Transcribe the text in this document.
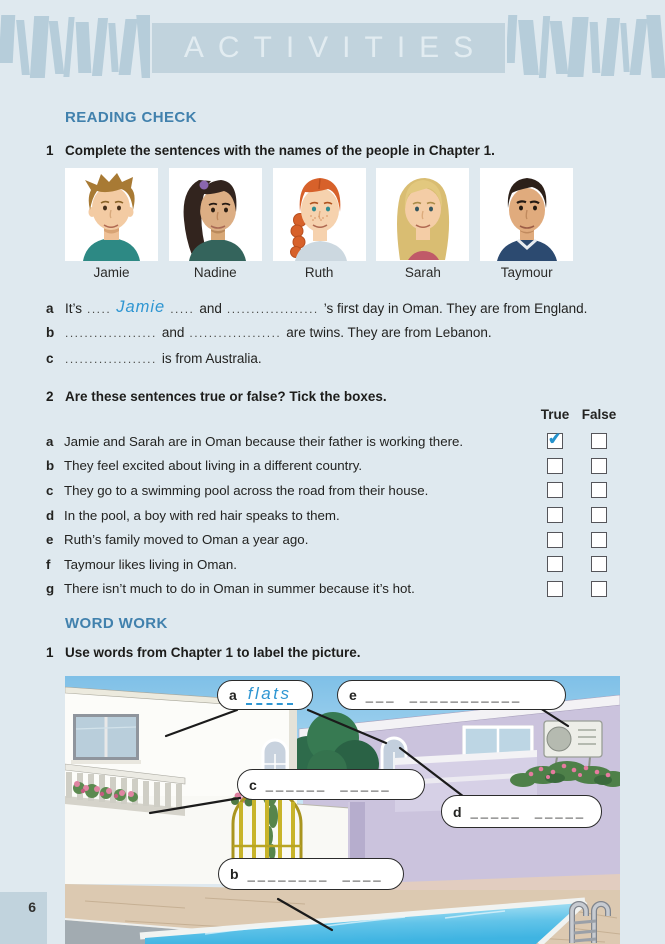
ACTIVITIES
READING CHECK
1 Complete the sentences with the names of the people in Chapter 1.
Jamie	Nadine	Ruth	Sarah	Taymour
a It’s ..... Jamie ..... and ................... ’s first day in Oman. They are from England.
b ................... and ................... are twins. They are from Lebanon.
c ................... is from Australia.
2 Are these sentences true or false? Tick the boxes.
True False
a Jamie and Sarah are in Oman because their father is working there.	✔
b They feel excited about living in a different country.
c They go to a swimming pool across the road from their house.
d In the pool, a boy with red hair speaks to them.
e Ruth’s family moved to Oman a year ago.
f	Taymour likes living in Oman.
g There isn’t much to do in Oman in summer because it’s hot.
WORD WORK
1 Use words from Chapter 1 to label the picture.
a flats	e ___  ___________
c ______  _____
d _____  _____
b ________  ____
6
